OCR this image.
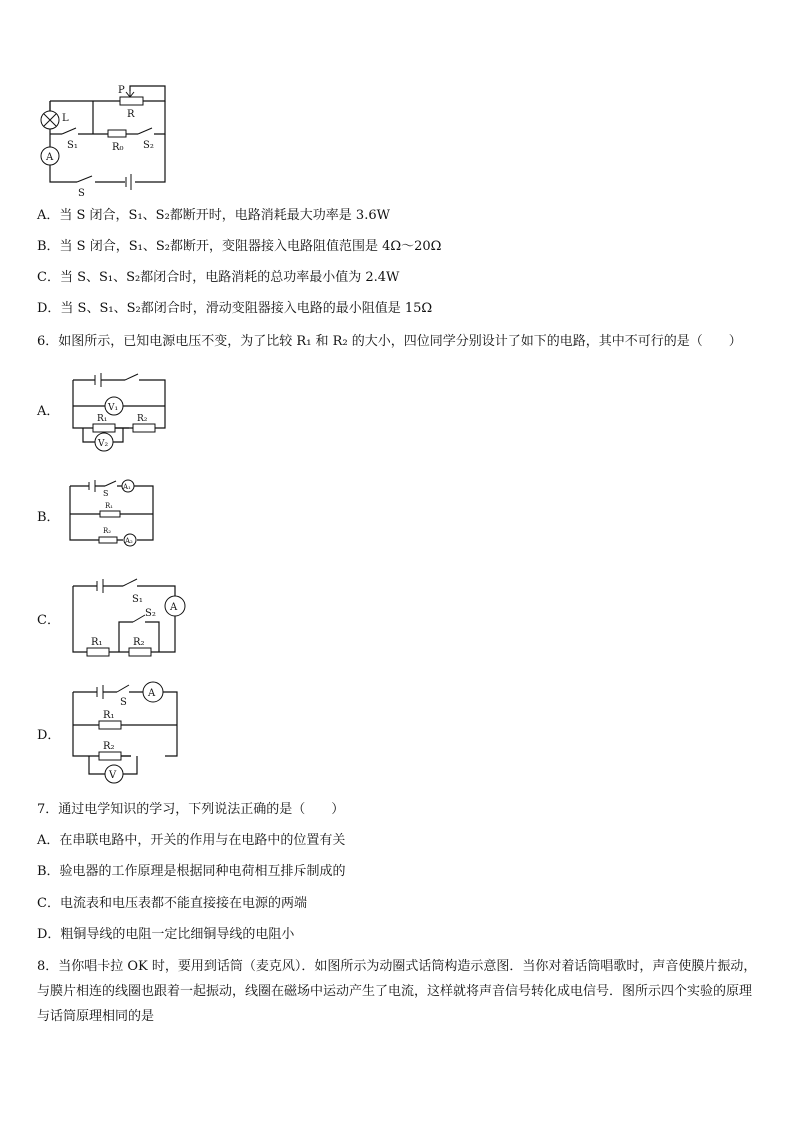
P
R
L
A
S₁	R₀ S₂
S
A．当 S 闭合，S₁、S₂都断开时，电路消耗最大功率是 3.6W
B．当 S 闭合，S₁、S₂都断开，变阻器接入电路阻值范围是 4Ω～20Ω
C．当 S、S₁、S₂都闭合时，电路消耗的总功率最小值为 2.4W
D．当 S、S₁、S₂都闭合时，滑动变阻器接入电路的最小阻值是 15Ω
6．如图所示，已知电源电压不变，为了比较 R₁ 和 R₂ 的大小，四位同学分别设计了如下的电路，其中不可行的是（　　）
A．	V₁
R₁	R₂
V₂
B．
S
A₁
R₁
R₂
A₂
C．
S₁
A
R₁	R₂
S₂
D．
S
A
R₁
R₂
V
7．通过电学知识的学习，下列说法正确的是（　　）
A．在串联电路中，开关的作用与在电路中的位置有关
B．验电器的工作原理是根据同种电荷相互排斥制成的
C．电流表和电压表都不能直接接在电源的两端
D．粗铜导线的电阻一定比细铜导线的电阻小
8．当你唱卡拉 OK 时，要用到话筒（麦克风）．如图所示为动圈式话筒构造示意图．当你对着话筒唱歌时，声音使膜片振动，与膜片相连的线圈也跟着一起振动，线圈在磁场中运动产生了电流，这样就将声音信号转化成电信号．图所示四个实验的原理与话筒原理相同的是
